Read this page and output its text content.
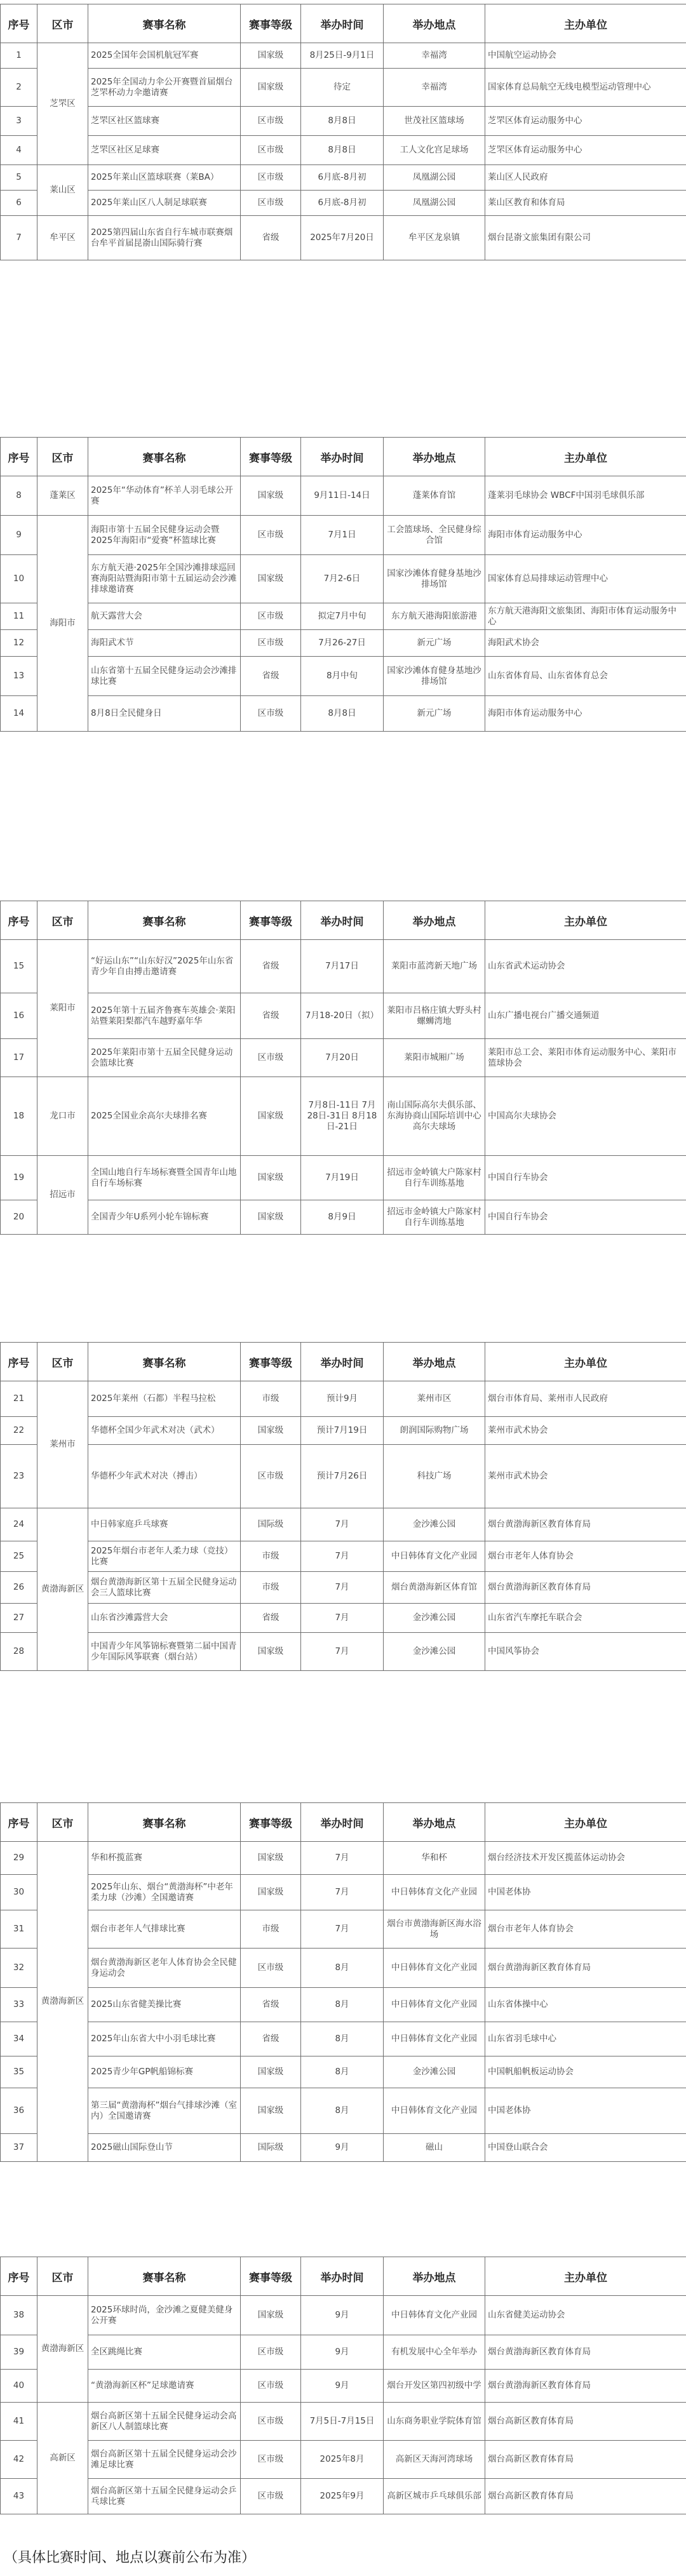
序号	区市	赛事名称	赛事等级	举办时间	举办地点	主办单位
1	芝罘区	2025全国年会国机航冠军赛	国家级	8月25日-9月1日	幸福湾	中国航空运动协会
2		2025年全国动力伞公开赛暨首届烟台芝罘杯动力伞邀请赛	国家级	待定	幸福湾	国家体育总局航空无线电模型运动管理中心
3		芝罘区社区篮球赛	区市级	8月8日	世茂社区篮球场	芝罘区体育运动服务中心
4		芝罘区社区足球赛	区市级	8月8日	工人文化宫足球场	芝罘区体育运动服务中心
5	莱山区	2025年莱山区篮球联赛（莱BA）	区市级	6月底-8月初	凤凰湖公园	莱山区人民政府
6		2025年莱山区八人制足球联赛	区市级	6月底-8月初	凤凰湖公园	莱山区教育和体育局
7	牟平区	2025第四届山东省自行车城市联赛烟台牟平首届昆嵛山国际骑行赛	省级	2025年7月20日	牟平区龙泉镇	烟台昆嵛文旅集团有限公司
序号	区市	赛事名称	赛事等级	举办时间	举办地点	主办单位
8	蓬莱区	2025年“华动体育”杯羊人羽毛球公开赛	国家级	9月11日-14日	蓬莱体育馆	蓬莱羽毛球协会 WBCF中国羽毛球俱乐部
9	海阳市	海阳市第十五届全民健身运动会暨2025年海阳市“爱赛”杯篮球比赛	区市级	7月1日	工会篮球场、全民健身综合馆	海阳市体育运动服务中心
10		东方航天港·2025年全国沙滩排球巡回赛海阳站暨海阳市第十五届运动会沙滩排球邀请赛	国家级	7月2-6日	国家沙滩体育健身基地沙排场馆	国家体育总局排球运动管理中心
11		航天露营大会	区市级	拟定7月中旬	东方航天港海阳旅游港	东方航天港海阳文旅集团、海阳市体育运动服务中心
12		海阳武术节	区市级	7月26-27日	新元广场	海阳武术协会
13		山东省第十五届全民健身运动会沙滩排球比赛	省级	8月中旬	国家沙滩体育健身基地沙排场馆	山东省体育局、山东省体育总会
14		8月8日全民健身日	区市级	8月8日	新元广场	海阳市体育运动服务中心
序号	区市	赛事名称	赛事等级	举办时间	举办地点	主办单位
15	莱阳市	“好运山东”“山东好汉”2025年山东省青少年自由搏击邀请赛	省级	7月17日	莱阳市蓝湾新天地广场	山东省武术运动协会
16		2025年第十五届齐鲁赛车英雄会·莱阳站暨莱阳梨都汽车越野嘉年华	省级	7月18-20日（拟）	莱阳市吕格庄镇大野头村螺蛳湾地	山东广播电视台广播交通频道
17		2025年莱阳市第十五届全民健身运动会篮球比赛	区市级	7月20日	莱阳市城厢广场	莱阳市总工会、莱阳市体育运动服务中心、莱阳市篮球协会
18	龙口市	2025全国业余高尔夫球排名赛	国家级	7月8日-11日 7月28日-31日 8月18日-21日	南山国际高尔夫俱乐部、东海协商山国际培训中心高尔夫球场	中国高尔夫球协会
19	招远市	全国山地自行车场标赛暨全国青年山地自行车场标赛	国家级	7月19日	招远市金岭镇大户陈家村自行车训练基地	中国自行车协会
20		全国青少年U系列小轮车锦标赛	国家级	8月9日	招远市金岭镇大户陈家村自行车训练基地	中国自行车协会
序号	区市	赛事名称	赛事等级	举办时间	举办地点	主办单位
21	莱州市	2025年莱州（石都）半程马拉松	市级	预计9月	莱州市区	烟台市体育局、莱州市人民政府
22		华德杯全国少年武术对决（武术）	国家级	预计7月19日	朗润国际购物广场	莱州市武术协会
23		华德杯少年武术对决（搏击）	区市级	预计7月26日	科技广场	莱州市武术协会
24	黄渤海新区	中日韩家庭乒乓球赛	国际级	7月	金沙滩公园	烟台黄渤海新区教育体育局
25		2025年烟台市老年人柔力球（竞技）比赛	市级	7月	中日韩体育文化产业园	烟台市老年人体育协会
26		烟台黄渤海新区第十五届全民健身运动会三人篮球比赛	市级	7月	烟台黄渤海新区体育馆	烟台黄渤海新区教育体育局
27		山东省沙滩露营大会	省级	7月	金沙滩公园	山东省汽车摩托车联合会
28		中国青少年风筝锦标赛暨第二届中国青少年国际风筝联赛（烟台站）	国家级	7月	金沙滩公园	中国风筝协会
序号	区市	赛事名称	赛事等级	举办时间	举办地点	主办单位
29	黄渤海新区	华和杯揽蓝赛	国家级	7月	华和杯	烟台经济技术开发区揽蓝体运动协会
30		2025年山东、烟台“黄渤海杯”中老年柔力球（沙滩）全国邀请赛	国家级	7月	中日韩体育文化产业园	中国老体协
31		烟台市老年人气排球比赛	市级	7月	烟台市黄渤海新区海水浴场	烟台市老年人体育协会
32		烟台黄渤海新区老年人体育协会全民健身运动会	区市级	8月	中日韩体育文化产业园	烟台黄渤海新区教育体育局
33		2025山东省健美操比赛	省级	8月	中日韩体育文化产业园	山东省体操中心
34		2025年山东省大中小羽毛球比赛	省级	8月	中日韩体育文化产业园	山东省羽毛球中心
35		2025青少年GP帆船锦标赛	国家级	8月	金沙滩公园	中国帆船帆板运动协会
36		第三届“黄渤海杯”烟台气排球沙滩（室内）全国邀请赛	国家级	8月	中日韩体育文化产业园	中国老体协
37		2025磁山国际登山节	国际级	9月	磁山	中国登山联合会
序号	区市	赛事名称	赛事等级	举办时间	举办地点	主办单位
38	黄渤海新区	2025环球时尚，金沙滩之夏健美健身公开赛	国家级	9月	中日韩体育文化产业园	山东省健美运动协会
39		全区跳绳比赛	区市级	9月	有机发展中心全年举办	烟台黄渤海新区教育体育局
40		“黄渤海新区杯”足球邀请赛	区市级	9月	烟台开发区第四初级中学	烟台黄渤海新区教育体育局
41	高新区	烟台高新区第十五届全民健身运动会高新区八人制篮球比赛	区市级	7月5日-7月15日	山东商务职业学院体育馆	烟台高新区教育体育局
42		烟台高新区第十五届全民健身运动会沙滩足球比赛	区市级	2025年8月	高新区天海河湾球场	烟台高新区教育体育局
43		烟台高新区第十五届全民健身运动会乒乓球比赛	区市级	2025年9月	高新区城市乒乓球俱乐部	烟台高新区教育体育局
（具体比赛时间、地点以赛前公布为准）
